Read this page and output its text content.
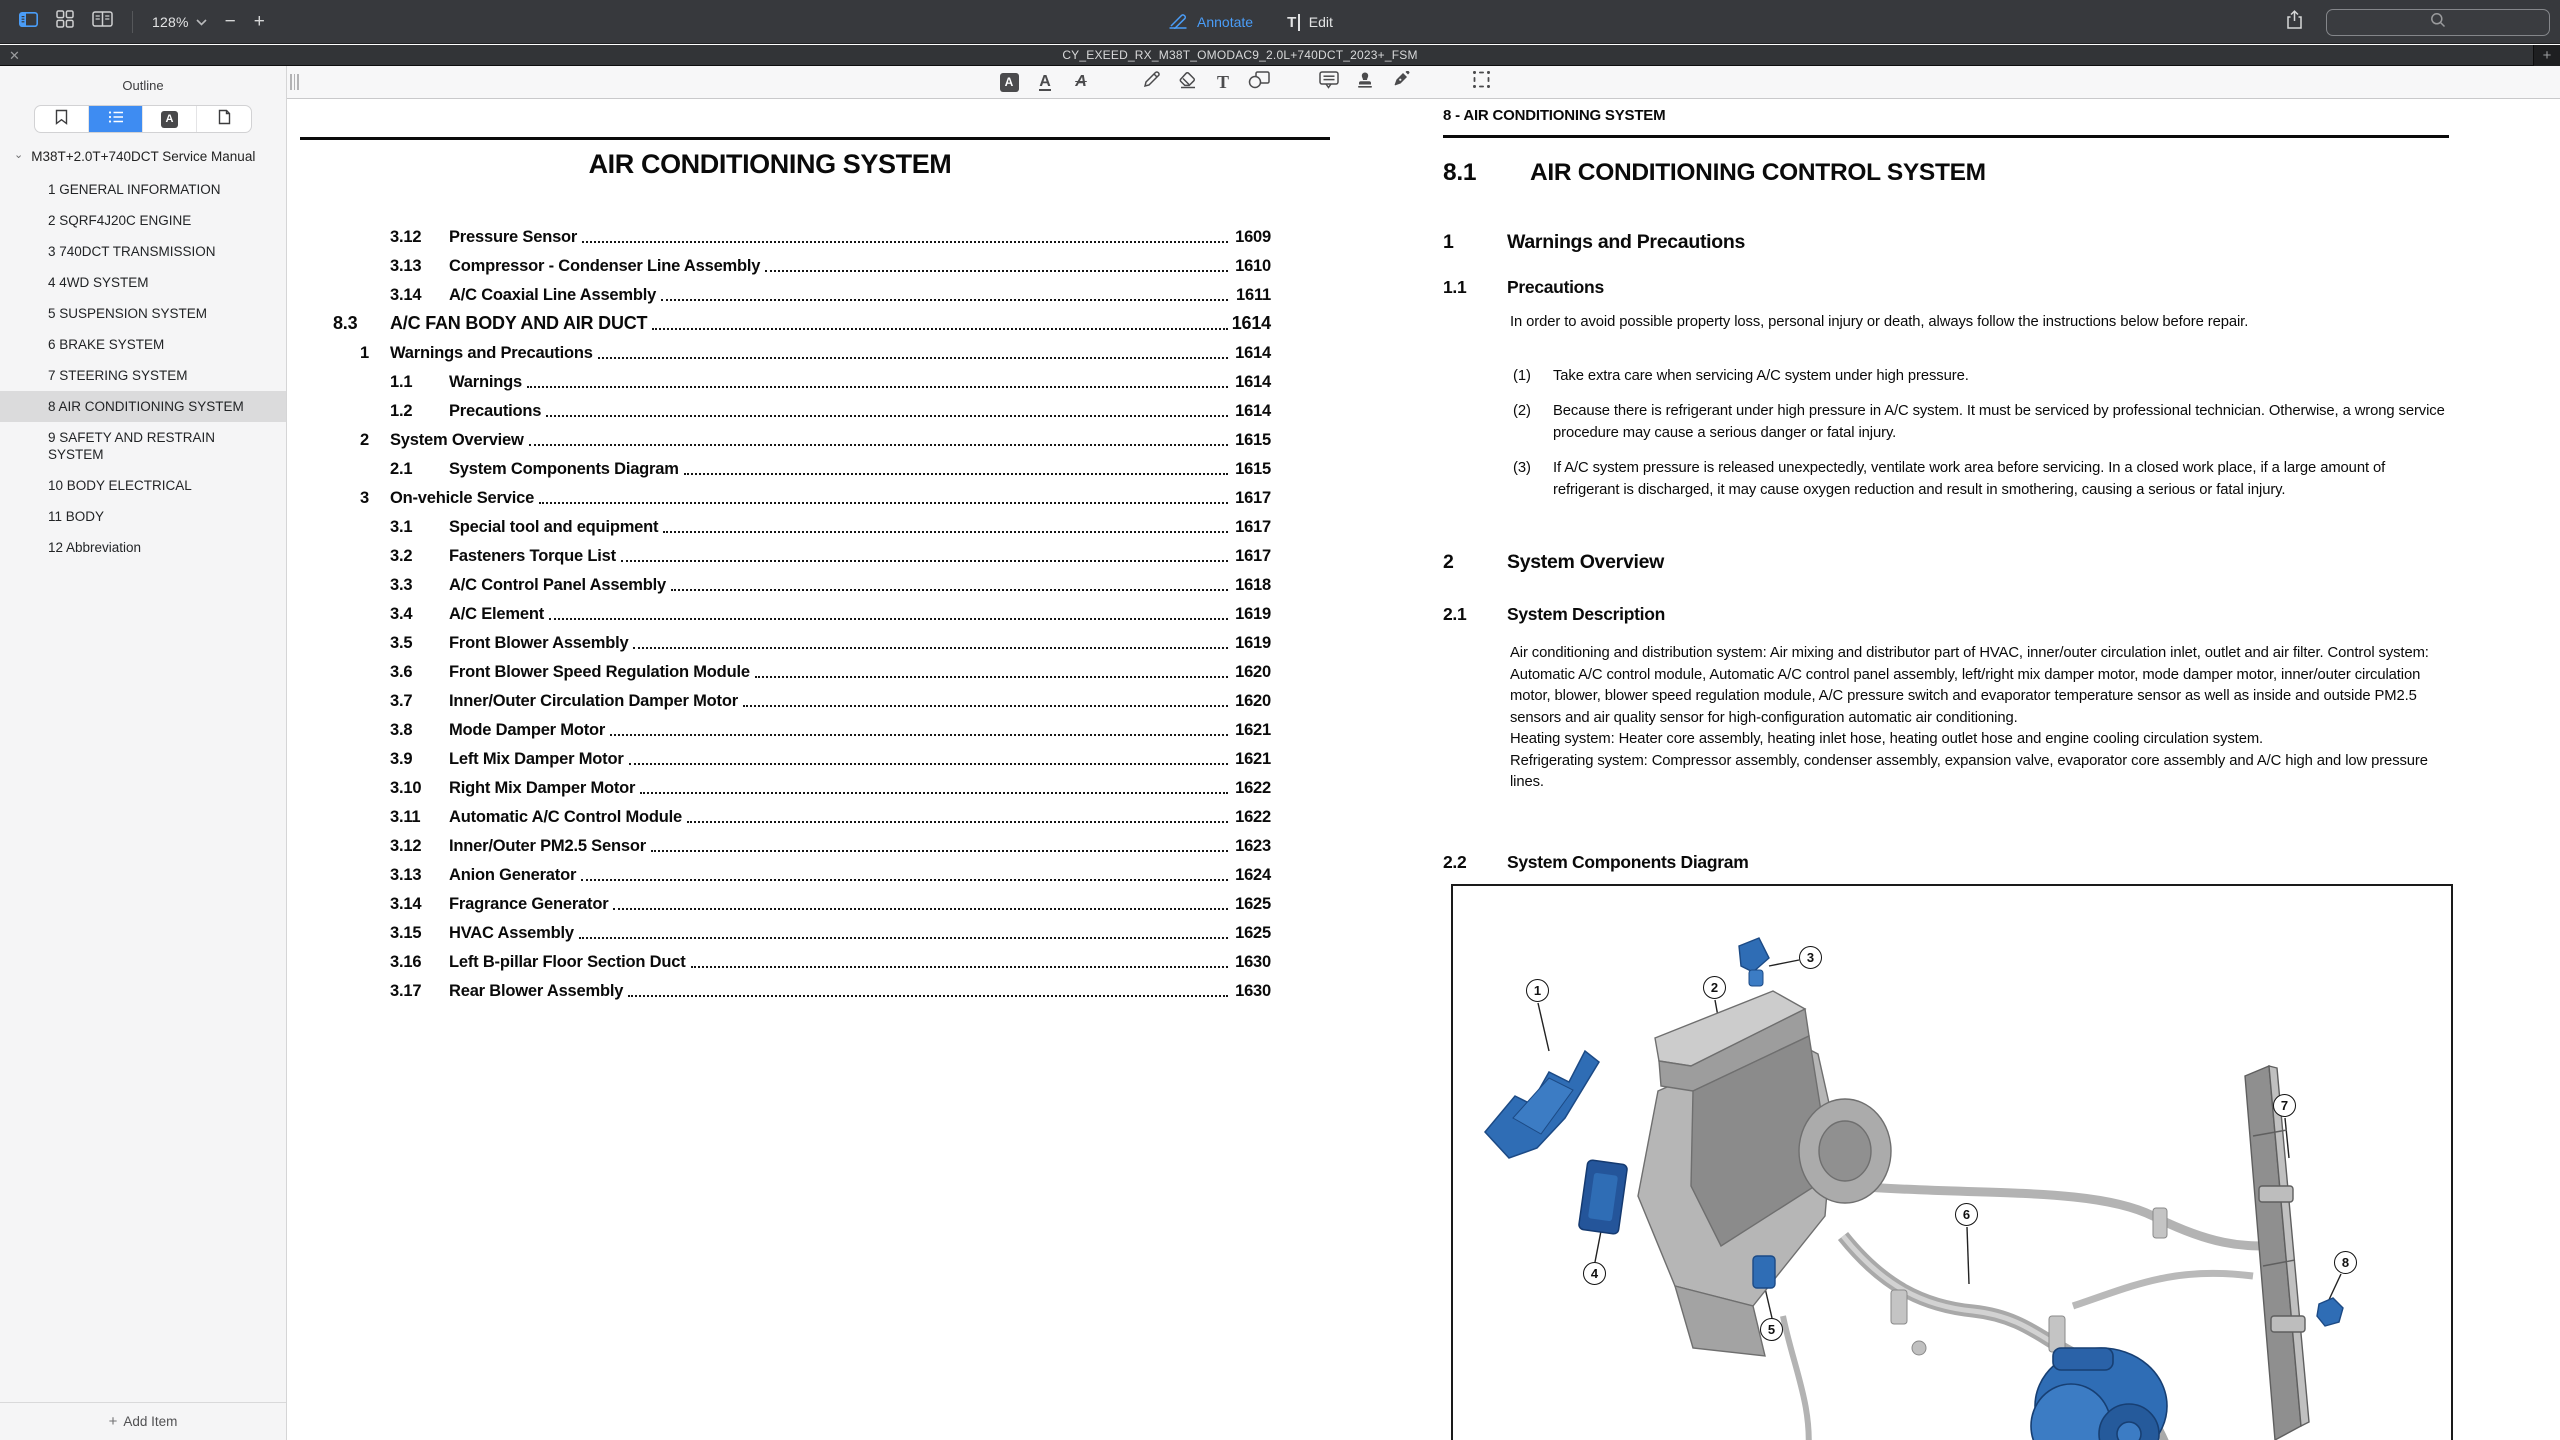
128% − +	Annotate T Edit
✕	CY_EXEED_RX_M38T_OMODAC9_2.0L+740DCT_2023+_FSM	+
Outline
A
⌄ M38T+2.0T+740DCT Service Manual
1 GENERAL INFORMATION
2 SQRF4J20C ENGINE
3 740DCT TRANSMISSION
4 4WD SYSTEM
5 SUSPENSION SYSTEM
6 BRAKE SYSTEM
7 STEERING SYSTEM
8 AIR CONDITIONING SYSTEM
9 SAFETY AND RESTRAIN SYSTEM
10 BODY ELECTRICAL
11 BODY
12 Abbreviation
+ Add Item
A	A A	T
AIR CONDITIONING SYSTEM
3.12	Pressure Sensor	1609
3.13	Compressor - Condenser Line Assembly	1610
3.14	A/C Coaxial Line Assembly	1611
8.3	A/C FAN BODY AND AIR DUCT	1614
1	Warnings and Precautions	1614
1.1	Warnings	1614
1.2	Precautions	1614
2	System Overview	1615
2.1	System Components Diagram	1615
3	On-vehicle Service	1617
3.1	Special tool and equipment	1617
3.2	Fasteners Torque List	1617
3.3	A/C Control Panel Assembly	1618
3.4	A/C Element	1619
3.5	Front Blower Assembly	1619
3.6	Front Blower Speed Regulation Module	1620
3.7	Inner/Outer Circulation Damper Motor	1620
3.8	Mode Damper Motor	1621
3.9	Left Mix Damper Motor	1621
3.10	Right Mix Damper Motor	1622
3.11	Automatic A/C Control Module	1622
3.12	Inner/Outer PM2.5 Sensor	1623
3.13	Anion Generator	1624
3.14	Fragrance Generator	1625
3.15	HVAC Assembly	1625
3.16	Left B-pillar Floor Section Duct	1630
3.17	Rear Blower Assembly	1630
8 - AIR CONDITIONING SYSTEM
8.1	AIR CONDITIONING CONTROL SYSTEM
1	Warnings and Precautions
1.1	Precautions
In order to avoid possible property loss, personal injury or death, always follow the instructions below before repair.
(1)	Take extra care when servicing A/C system under high pressure.
(2)	Because there is refrigerant under high pressure in A/C system. It must be serviced by professional technician. Otherwise, a wrong service procedure may cause a serious danger or fatal injury.
(3)	If A/C system pressure is released unexpectedly, ventilate work area before servicing. In a closed work place, if a large amount of refrigerant is discharged, it may cause oxygen reduction and result in smothering, causing a serious or fatal injury.
2	System Overview
2.1	System Description
Air conditioning and distribution system: Air mixing and distributor part of HVAC, inner/outer circulation inlet, outlet and air filter. Control system: Automatic A/C control module, Automatic A/C control panel assembly, left/right mix damper motor, mode damper motor, inner/outer circulation motor, blower, blower speed regulation module, A/C pressure switch and evaporator temperature sensor as well as inside and outside PM2.5 sensors and air quality sensor for high-configuration automatic air conditioning.
Heating system: Heater core assembly, heating inlet hose, heating outlet hose and engine cooling circulation system.
Refrigerating system: Compressor assembly, condenser assembly, expansion valve, evaporator core assembly and A/C high and low pressure lines.
2.2	System Components Diagram
1	2
3
4
5
6
7
8
